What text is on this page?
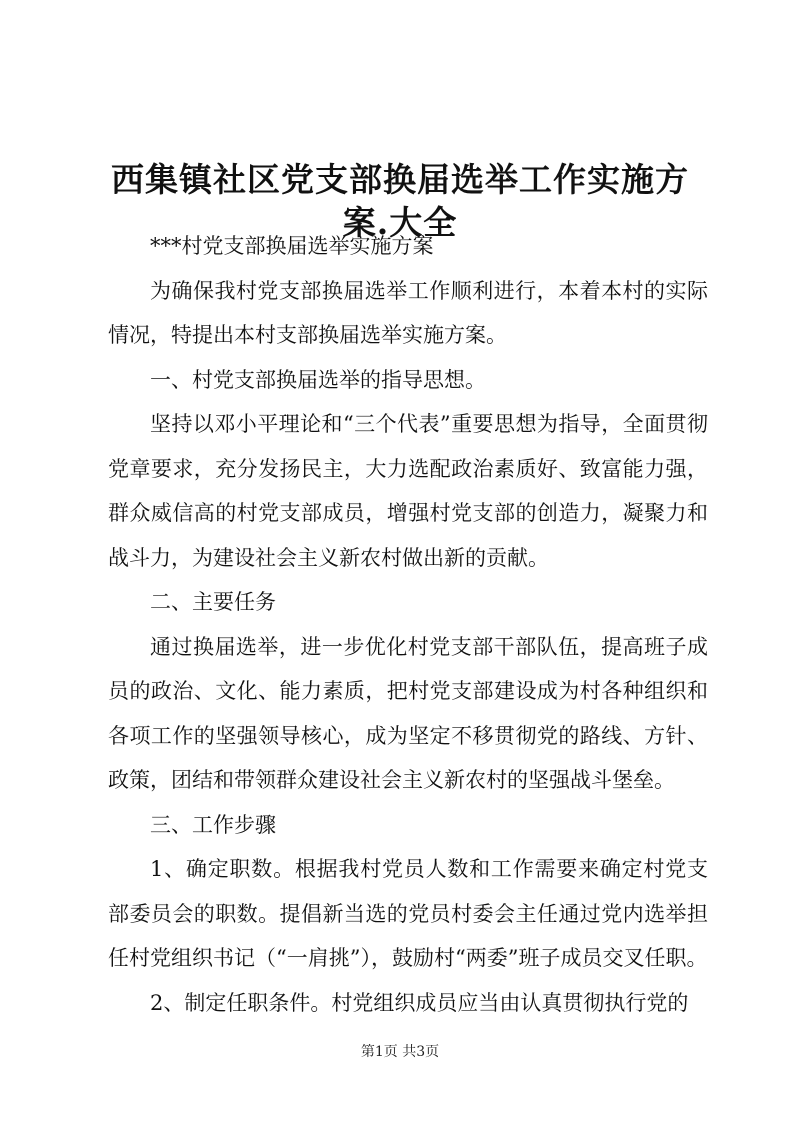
西集镇社区党支部换届选举工作实施方案.大全

***村党支部换届选举实施方案

为确保我村党支部换届选举工作顺利进行，本着本村的实际情况，特提出本村支部换届选举实施方案。

一、村党支部换届选举的指导思想。

坚持以邓小平理论和“三个代表”重要思想为指导，全面贯彻党章要求，充分发扬民主，大力选配政治素质好、致富能力强，群众威信高的村党支部成员，增强村党支部的创造力，凝聚力和战斗力，为建设社会主义新农村做出新的贡献。

二、主要任务

通过换届选举，进一步优化村党支部干部队伍，提高班子成员的政治、文化、能力素质，把村党支部建设成为村各种组织和各项工作的坚强领导核心，成为坚定不移贯彻党的路线、方针、政策，团结和带领群众建设社会主义新农村的坚强战斗堡垒。

三、工作步骤

1、确定职数。根据我村党员人数和工作需要来确定村党支部委员会的职数。提倡新当选的党员村委会主任通过党内选举担任村党组织书记（“一肩挑”），鼓励村“两委”班子成员交叉任职。

2、制定任职条件。村党组织成员应当由认真贯彻执行党的

第1页 共3页
